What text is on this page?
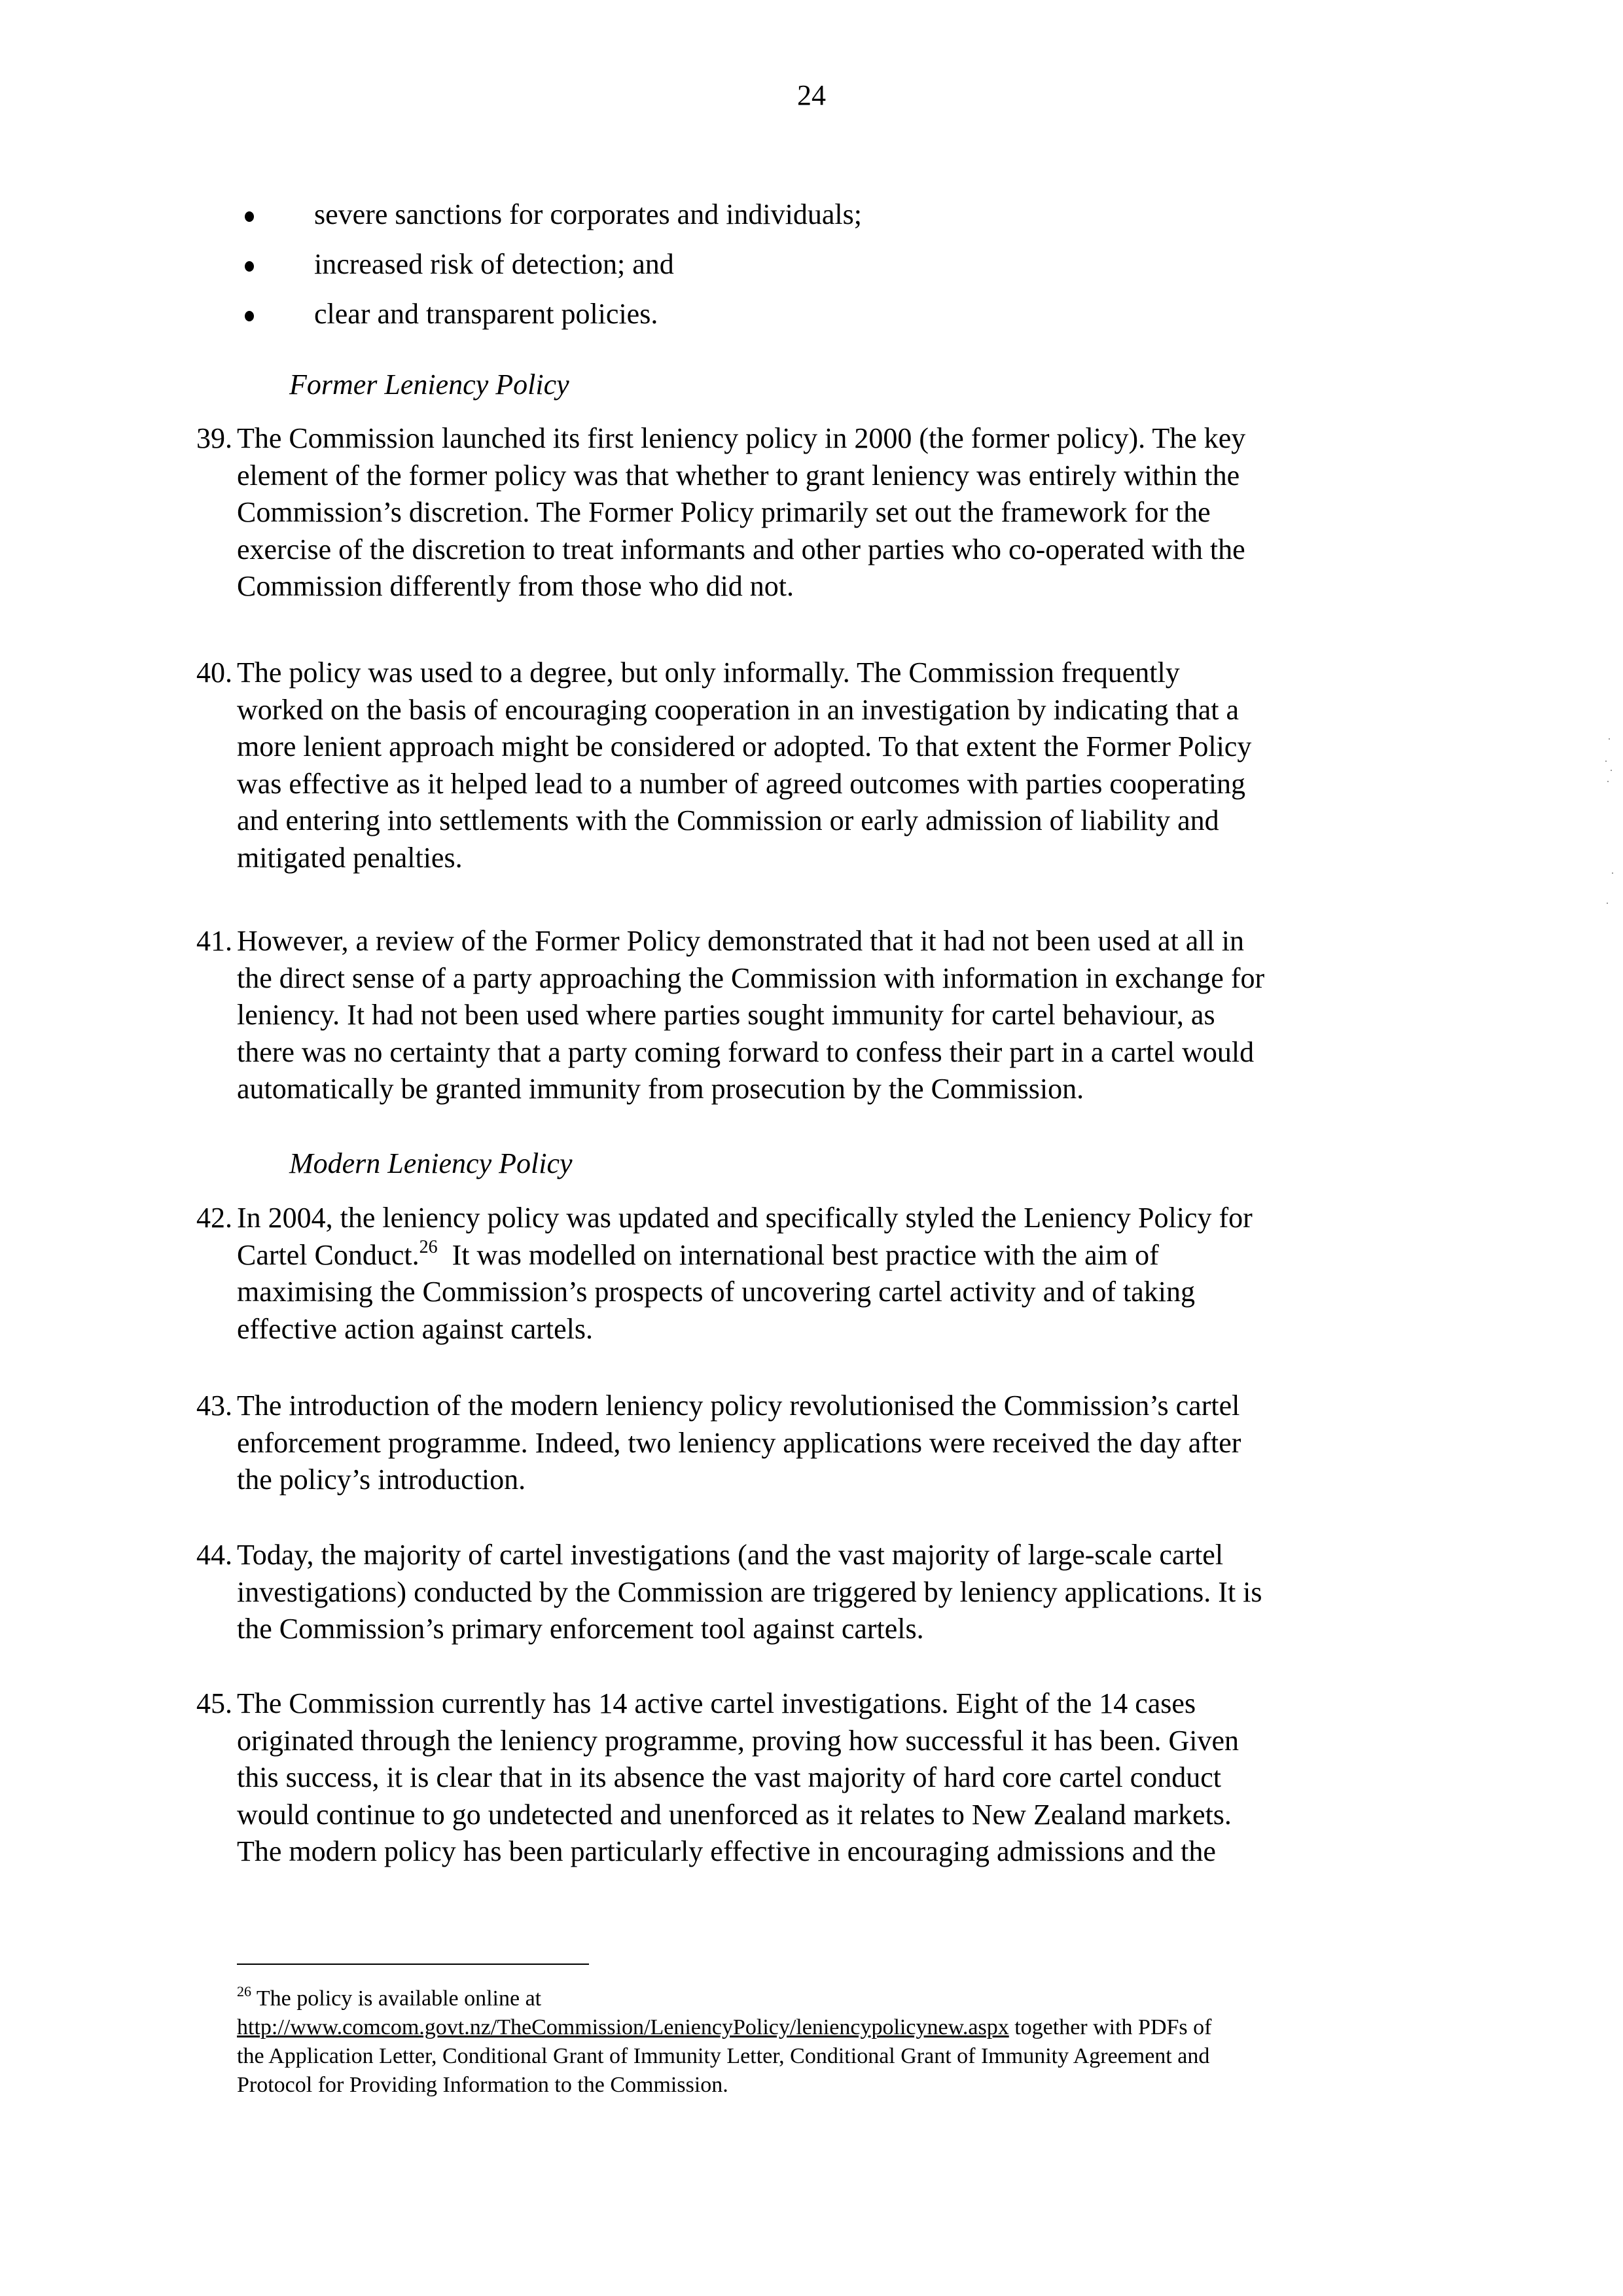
24
severe sanctions for corporates and individuals;
increased risk of detection; and
clear and transparent policies.
Former Leniency Policy
39. The Commission launched its first leniency policy in 2000 (the former policy). The key
element of the former policy was that whether to grant leniency was entirely within the
Commission’s discretion. The Former Policy primarily set out the framework for the
exercise of the discretion to treat informants and other parties who co-operated with the
Commission differently from those who did not.
40. The policy was used to a degree, but only informally. The Commission frequently
worked on the basis of encouraging cooperation in an investigation by indicating that a
more lenient approach might be considered or adopted. To that extent the Former Policy
was effective as it helped lead to a number of agreed outcomes with parties cooperating
and entering into settlements with the Commission or early admission of liability and
mitigated penalties.
41. However, a review of the Former Policy demonstrated that it had not been used at all in
the direct sense of a party approaching the Commission with information in exchange for
leniency. It had not been used where parties sought immunity for cartel behaviour, as
there was no certainty that a party coming forward to confess their part in a cartel would
automatically be granted immunity from prosecution by the Commission.
Modern Leniency Policy
42. In 2004, the leniency policy was updated and specifically styled the Leniency Policy for
Cartel Conduct.$^{26}$  It was modelled on international best practice with the aim of
maximising the Commission’s prospects of uncovering cartel activity and of taking
effective action against cartels.
43. The introduction of the modern leniency policy revolutionised the Commission’s cartel
enforcement programme. Indeed, two leniency applications were received the day after
the policy’s introduction.
44. Today, the majority of cartel investigations (and the vast majority of large-scale cartel
investigations) conducted by the Commission are triggered by leniency applications. It is
the Commission’s primary enforcement tool against cartels.
45. The Commission currently has 14 active cartel investigations. Eight of the 14 cases
originated through the leniency programme, proving how successful it has been. Given
this success, it is clear that in its absence the vast majority of hard core cartel conduct
would continue to go undetected and unenforced as it relates to New Zealand markets.
The modern policy has been particularly effective in encouraging admissions and the
$^{26}$ The policy is available online at
http://www.comcom.govt.nz/TheCommission/LeniencyPolicy/leniencypolicynew.aspx together with PDFs of
the Application Letter, Conditional Grant of Immunity Letter, Conditional Grant of Immunity Agreement and
Protocol for Providing Information to the Commission.
